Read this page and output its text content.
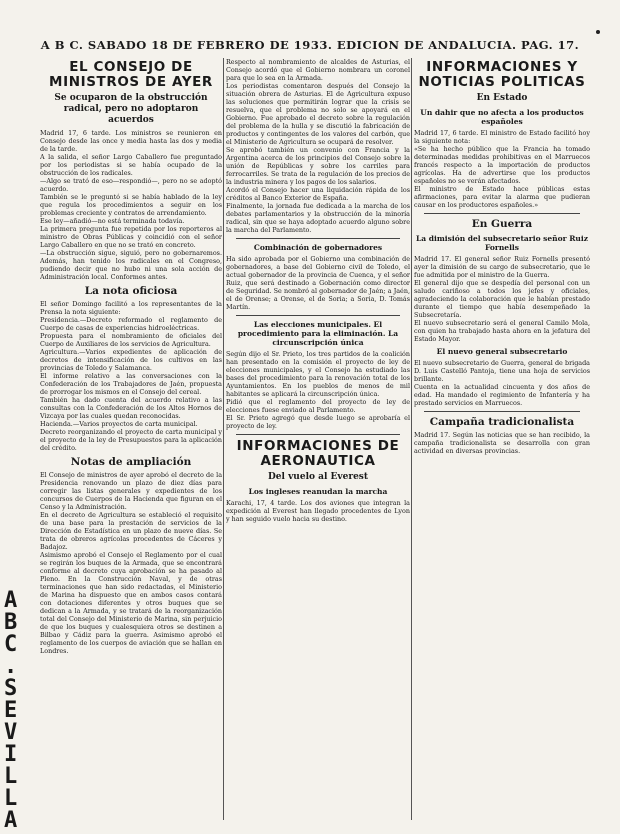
A B C. SABADO 18 DE FEBRERO DE 1933. EDICION DE ANDALUCIA. PAG. 17.
A
B
C
.
S
E
V
I
L
L
A
EL CONSEJO DE MINISTROS DE AYER
Se ocuparon de la obstrucción radical, pero no adoptaron acuerdos

Madrid 17, 6 tarde. Los ministros se reunieron en Consejo desde las once y media hasta las dos y media de la tarde.

A la salida, el señor Largo Caballero fue preguntado por los periodistas si se había ocupado de la obstrucción de los radicales.

—Algo se trató de eso—respondió—, pero no se adoptó acuerdo.

También se le preguntó si se había hablado de la ley que regula los procedimientos a seguir en los problemas creciente y contratos de arrendamiento.

Ese ley—añadió—no está terminada todavía.

La primera pregunta fue repetida por los reporteros al ministro de Obras Públicas y coincidió con el señor Largo Caballero en que no se trató en concreto.

—La obstrucción sigue, siguió, pero no gobernaremos. Además, han tenido los radicales en el Congreso, pudiendo decir que no hubo ni una sola acción de Administración local. Conformes antes.

La nota oficiosa

El señor Domingo facilitó a los representantes de la Prensa la nota siguiente:

Presidencia.—Decreto reformado el reglamento de Cuerpo de casas de experiencias hidroeléctricas.

Propuesta para el nombramiento de oficiales del Cuerpo de Auxiliares de los servicios de Agricultura.

Agricultura.—Varios expedientes de aplicación de decretos de intensificación de los cultivos en las provincias de Toledo y Salamanca.

El informe relativo a las conversaciones con la Confederación de los Trabajadores de Jaén, propuesta de prorrogar los mismos en el Consejo del cereal.

También ha dado cuenta del acuerdo relativo a las consultas con la Confederación de los Altos Hornos de Vizcaya por las cuales quedan reconocidas.

Hacienda.—Varios proyectos de carta municipal.

Decreto reorganizando el proyecto de carta municipal y el proyecto de la ley de Presupuestos para la aplicación del crédito.

Notas de ampliación

El Consejo de ministros de ayer aprobó el decreto de la Presidencia renovando un plazo de diez días para corregir las listas generales y expedientes de los concursos de Cuerpos de la Hacienda que figuran en el Censo y la Administración.

En el decreto de Agricultura se estableció el requisito de una base para la prestación de servicios de la Dirección de Estadística en un plazo de nueve días. Se trata de obreros agrícolas procedentes de Cáceres y Badajoz.

Asimismo aprobó el Consejo el Reglamento por el cual se regirán los buques de la Armada, que se encontrará conforme al decreto cuya aprobación se ha pasado al Pleno. En la Construcción Naval, y de otras terminaciones que han sido redactadas, el Ministerio de Marina ha dispuesto que en ambos casos contará con dotaciones diferentes y otros buques que se dedican a la Armada, y se tratará de la reorganización total del Consejo del Ministerio de Marina, sin perjuicio de que los buques y cualesquiera otros se destinen a Bilbao y Cádiz para la guerra. Asimismo aprobó el reglamento de los cuerpos de aviación que se hallan en Londres.

Respecto al nombramiento de alcaldes de Asturias, el Consejo acordó que el Gobierno nombrara un coronel para que lo sea en la Armada.

Los periodistas comentaron después del Consejo la situación obrera de Asturias. El de Agricultura expuso las soluciones que permitirán lograr que la crisis se resuelva, que el problema no solo se apoyará en el Gobierno. Fue aprobado el decreto sobre la regulación del problema de la hulla y se discutió la fabricación de productos y contingentes de los valores del carbón, que el Ministerio de Agricultura se ocupará de resolver.

Se aprobó también un convenio con Francia y la Argentina acerca de los principios del Consejo sobre la unión de Repúblicas y sobre los carriles para ferrocarriles. Se trata de la regulación de los precios de la industria minera y los pagos de los salarios.

Acordó el Consejo hacer una liquidación rápida de los créditos al Banco Exterior de España.

Finalmente, la jornada fue dedicada a la marcha de los debates parlamentarios y la obstrucción de la minoría radical, sin que se haya adoptado acuerdo alguno sobre la marcha del Parlamento.

Combinación de gobernadores

Ha sido aprobada por el Gobierno una combinación de gobernadores, a base del Gobierno civil de Toledo, el actual gobernador de la provincia de Cuenca, y el señor Ruiz, que será destinado a Gobernación como director de Seguridad. Se nombró al gobernador de Jaén; a Jaén, el de Orense; a Orense, el de Soria; a Soria, D. Tomás Martín.

Las elecciones municipales. El procedimiento para la eliminación. La circunscripción única

Según dijo el Sr. Prieto, los tres partidos de la coalición han presentado en la comisión el proyecto de ley de elecciones municipales, y el Consejo ha estudiado las bases del procedimiento para la renovación total de los Ayuntamientos. En los pueblos de menos de mil habitantes se aplicará la circunscripción única.

Pidió que el reglamento del proyecto de ley de elecciones fuese enviado al Parlamento.

El Sr. Prieto agregó que desde luego se aprobaría el proyecto de ley.

INFORMACIONES DE AERONAUTICA
Del vuelo al Everest
Los ingleses reanudan la marcha

Karachi, 17, 4 tarde. Los dos aviones que integran la expedición al Everest han llegado procedentes de Lyon y han seguido vuelo hacia su destino.

INFORMACIONES Y NOTICIAS POLITICAS
En Estado
Un dahir que no afecta a los productos españoles

Madrid 17, 6 tarde. El ministro de Estado facilitó hoy la siguiente nota:

«Se ha hecho público que la Francia ha tomado determinadas medidas prohibitivas en el Marruecos francés respecto a la importación de productos agrícolas. Ha de advertirse que los productos españoles no se verán afectados.

El ministro de Estado hace públicas estas afirmaciones, para evitar la alarma que pudieran causar en los productores españoles.»

En Guerra
La dimisión del subsecretario señor Ruiz Fornells

Madrid 17. El general señor Ruiz Fornells presentó ayer la dimisión de su cargo de subsecretario, que le fue admitida por el ministro de la Guerra.

El general dijo que se despedía del personal con un saludo cariñoso a todos los jefes y oficiales, agradeciendo la colaboración que le habían prestado durante el tiempo que había desempeñado la Subsecretaría.

El nuevo subsecretario será el general Camilo Mola, con quien ha trabajado hasta ahora en la jefatura del Estado Mayor.

El nuevo general subsecretario

El nuevo subsecretario de Guerra, general de brigada D. Luis Castelló Pantoja, tiene una hoja de servicios brillante.

Cuenta en la actualidad cincuenta y dos años de edad. Ha mandado el regimiento de Infantería y ha prestado servicios en Marruecos.

Campaña tradicionalista

Madrid 17. Según las noticias que se han recibido, la campaña tradicionalista se desarrolla con gran actividad en diversas provincias.
